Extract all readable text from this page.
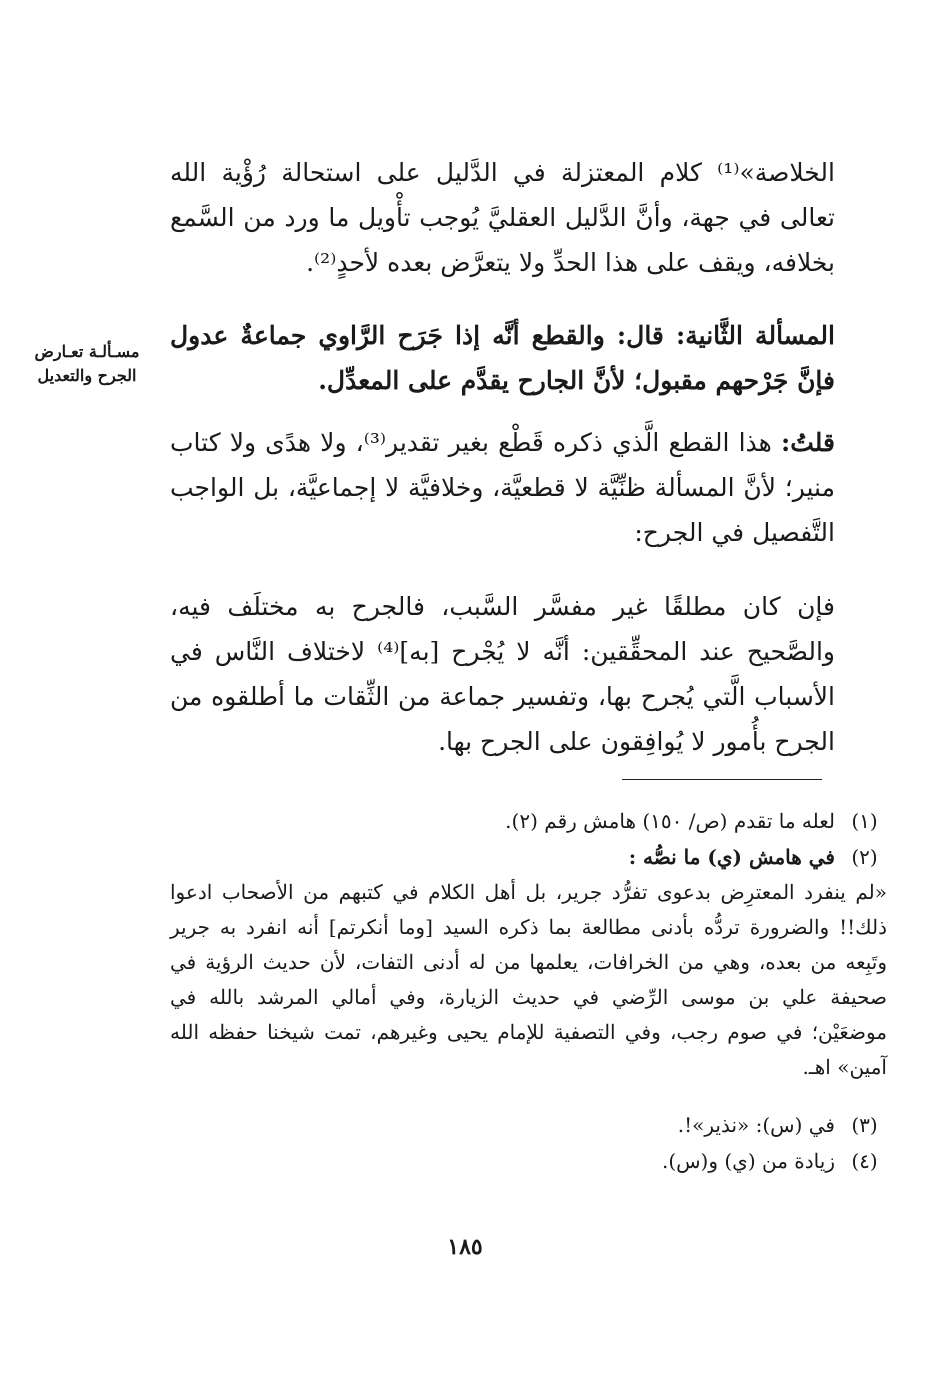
الخلاصة»⁽¹⁾ كلام المعتزلة في الدَّليل على استحالة رُؤْية الله تعالى في جهة، وأنَّ الدَّليل العقليَّ يُوجب تأْويل ما ورد من السَّمع بخلافه، ويقف على هذا الحدِّ ولا يتعرَّض بعده لأحدٍ⁽²⁾.
المسألة الثَّانية: قال: والقطع أنَّه إذا جَرَح الرَّاوي جماعةٌ عدول فإنَّ جَرْحهم مقبول؛ لأنَّ الجارح يقدَّم على المعدِّل.
مسـألـة تعـارض الجرح والتعديل
قلتُ: هذا القطع الَّذي ذكره قَطْع بغير تقدير⁽³⁾، ولا هدًى ولا كتاب منير؛ لأنَّ المسألة ظنِّيَّة لا قطعيَّة، وخلافيَّة لا إجماعيَّة، بل الواجب التَّفصيل في الجرح:
فإن كان مطلقًا غير مفسَّر السَّبب، فالجرح به مختلَف فيه، والصَّحيح عند المحقِّقين: أنَّه لا يُجْرح [به]⁽⁴⁾ لاختلاف النَّاس في الأسباب الَّتي يُجرح بها، وتفسير جماعة من الثِّقات ما أطلقوه من الجرح بأُمور لا يُوافِقون على الجرح بها.
(١)
لعله ما تقدم (ص/ ١٥٠) هامش رقم (٢).
(٢)
في هامش (ي) ما نصُّه :
«لم ينفرد المعترِض بدعوى تفرُّد جرير، بل أهل الكلام في كتبهم من الأصحاب ادعوا ذلك!! والضرورة تردُّه بأدنى مطالعة بما ذكره السيد [وما أنكرتم] أنه انفرد به جرير وتَبِعه من بعده، وهي من الخرافات، يعلمها من له أدنى التفات، لأن حديث الرؤية في صحيفة علي بن موسى الرِّضي في حديث الزيارة، وفي أمالي المرشد بالله في موضعَيْن؛ في صوم رجب، وفي التصفية للإمام يحيى وغيرهم، تمت شيخنا حفظه الله آمين» اهـ.
(٣)
في (س): «نذير»!.
(٤)
زيادة من (ي) و(س).
١٨٥
